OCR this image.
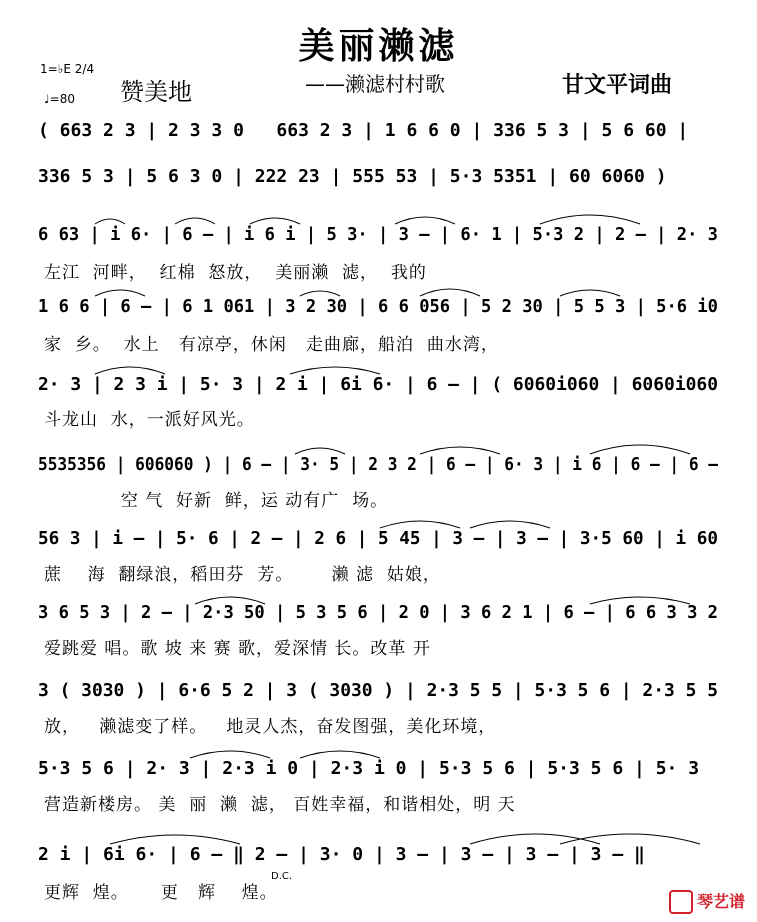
美丽濑滤
1=♭E 2/4
♩=80 赞美地	——濑滤村村歌	甘文平词曲
( 663 2 3 | 2 3 3 0   663 2 3 | 1 6 6 0 | 336 5 3 | 5 6 60 |
336 5 3 | 5 6 3 0 | 222 23 | 555 53 | 5·3 5351 | 60 6060 )
6 63 | i 6· | 6 – | i 6 i | 5 3· | 3 – | 6· 1 | 5·3 2 | 2 – | 2· 3
左江  河畔，  红棉  怒放，  美丽濑  滤，  我的
1 6 6 | 6 – | 6 1 061 | 3 2 30 | 6 6 056 | 5 2 30 | 5 5 3 | 5·6 i0
家  乡。  水上   有凉亭，休闲   走曲廊，船泊  曲水湾，
2· 3 | 2 3 i | 5· 3 | 2 i | 6i 6· | 6 – | ( 6060i060 | 6060i060
斗龙山  水，一派好风光。
5535356 | 606060 ) | 6 – | 3· 5 | 2 3 2 | 6 – | 6· 3 | i 6 | 6 – | 6 –
空 气  好新  鲜，运 动有广  场。
56 3 | i – | 5· 6 | 2 – | 2 6 | 5 45 | 3 – | 3 – | 3·5 60 | i 60
蔗    海  翻绿浪，稻田芬  芳。      濑 滤  姑娘，
3 6 5 3 | 2 – | 2·3 50 | 5 3 5 6 | 2 0 | 3 6 2 1 | 6 – | 6 6 3 3 2
爱跳爱 唱。歌 坡 来 赛 歌，爱深情 长。改革 开
3 ( 3030 ) | 6·6 5 2 | 3 ( 3030 ) | 2·3 5 5 | 5·3 5 6 | 2·3 5 5
放，   濑滤变了样。   地灵人杰，奋发图强，美化环境，
5·3 5 6 | 2· 3 | 2·3 i 0 | 2·3 i 0 | 5·3 5 6 | 5·3 5 6 | 5· 3
营造新楼房。 美  丽  濑  滤， 百姓幸福，和谐相处，明 天
2 i | 6i 6· | 6 – ‖ 2 – | 3· 0 | 3 – | 3 – | 3 – | 3 – ‖
更辉  煌。     更   辉    煌。
D.C.
琴艺谱
